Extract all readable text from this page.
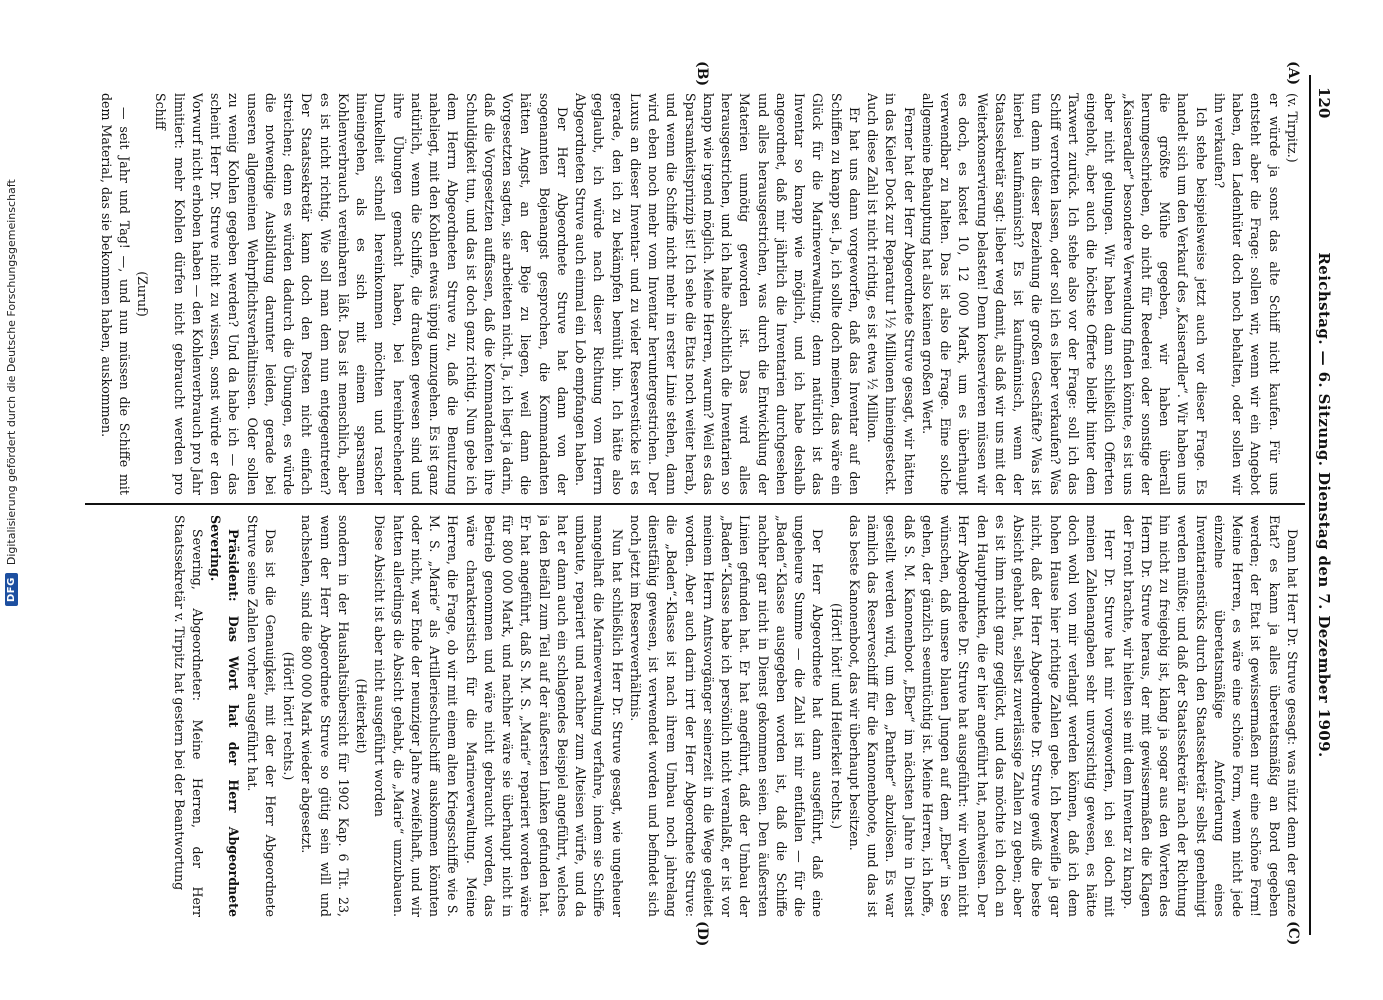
120
Reichstag. — 6. Sitzung. Dienstag den 7. Dezember 1909.
(A)
(B)
(C)
(D)

(v. Tirpitz.)

er würde ja sonst das alte Schiff nicht kaufen. Für uns entsteht aber die Frage: sollen wir, wenn wir ein Angebot haben, den Ladenhüter doch noch behalten, oder sollen wir ihn verkaufen?

Ich stehe beispielsweise jetzt auch vor dieser Frage. Es handelt sich um den Verkauf des „Kaiseradler“. Wir haben uns die größte Mühe gegeben, wir haben überall herumgeschrieben, ob nicht für Reederei oder sonstige der „Kaiseradler“ besondere Verwendung finden könnte, es ist uns aber nicht gelungen. Wir haben dann schließlich Offerten eingeholt, aber auch die höchste Offerte bleibt hinter dem Taxwert zurück. Ich stehe also vor der Frage: soll ich das Schiff verrotten lassen, oder soll ich es lieber verkaufen? Was tun denn in dieser Beziehung die großen Geschäfte? Was ist hierbei kaufmännisch? Es ist kaufmännisch, wenn der Staatssekretär sagt: lieber weg damit, als daß wir uns mit der Weiterkonservierung belasten! Denn konservieren müssen wir es doch, es kostet 10, 12 000 Mark, um es überhaupt verwendbar zu halten. Das ist also die Frage. Eine solche allgemeine Behauptung hat also keinen großen Wert.

Ferner hat der Herr Abgeordnete Struve gesagt, wir hätten in das Kieler Dock zur Reparatur 1½ Millionen hineingesteckt. Auch diese Zahl ist nicht richtig, es ist etwa ½ Million.

Er hat uns dann vorgeworfen, daß das Inventar auf den Schiffen zu knapp sei. Ja, ich sollte doch meinen, das wäre ein Glück für die Marineverwaltung; denn natürlich ist das Inventar so knapp wie möglich, und ich habe deshalb angeordnet, daß mir jährlich die Inventarien durchgesehen und alles herausgestrichen, was durch die Entwicklung der Materien unnötig geworden ist. Das wird alles herausgestrichen, und ich halte absichtlich die Inventarien so knapp wie irgend möglich. Meine Herren, warum? Weil es das Sparsamkeitsprinzip ist! Ich sehe die Etats noch weiter herab, und wenn die Schiffe nicht mehr in erster Linie stehen, dann wird eben noch mehr vom Inventar heruntergestrichen. Der Luxus an dieser Inventar- und zu vieler Reservestücke ist es gerade, den ich zu bekämpfen bemüht bin. Ich hätte also geglaubt, ich würde nach dieser Richtung vom Herrn Abgeordneten Struve auch einmal ein Lob empfangen haben.

Der Herr Abgeordnete Struve hat dann von der sogenannten Bojenangst gesprochen, die Kommandanten hätten Angst, an der Boje zu liegen, weil dann die Vorgesetzten sagten, sie arbeiteten nicht. Ja, ich liegt ja darin, daß die Vorgesetzten auffassen, daß die Kommandanten ihre Schuldigkeit tun, und das ist doch ganz richtig. Nun gebe ich dem Herrn Abgeordneten Struve zu, daß die Benutzung naheliegt, mit den Kohlen etwas üppig umzugehen. Es ist ganz natürlich, wenn die Schiffe, die draußen gewesen sind und ihre Übungen gemacht haben, bei hereinbrechender Dunkelheit schnell hereinkommen möchten und rascher hineingehen, als es sich mit einem sparsamen Kohlenverbrauch vereinbaren läßt. Das ist menschlich, aber es ist nicht richtig. Wie soll man dem nun entgegentreten? Der Staatssekretär kann doch den Posten nicht einfach streichen; denn es würden dadurch die Übungen, es würde die notwendige Ausbildung darunter leiden, gerade bei unseren allgemeinen Wehrpflichtsverhältnissen. Oder sollen zu wenig Kohlen gegeben werden? Und da habe ich — das scheint Herr Dr. Struve nicht zu wissen, sonst würde er den Vorwurf nicht erhoben haben — den Kohlenverbrauch pro Jahr limitiert: mehr Kohlen dürfen nicht gebraucht werden pro Schiff

(Zuruf)

— seit Jahr und Tag! —, und nun müssen die Schiffe mit dem Material, das sie bekommen haben, auskommen.

Dann hat Herr Dr. Struve gesagt: was nützt denn der ganze Etat? es kann ja alles überetatsmäßig an Bord gegeben werden; der Etat ist gewissermaßen nur eine schöne Form! Meine Herren, es wäre eine schöne Form, wenn nicht jede einzelne überetatsmäßige Anforderung eines Inventarienstücks durch den Staatssekretär selbst genehmigt werden müßte; und daß der Staatssekretär nach der Richtung hin nicht zu freigebig ist, klang ja sogar aus den Worten des Herrn Dr. Struve heraus, der mit gewissermaßen die Klagen der Front brachte, wir hielten sie mit dem Inventar zu knapp.

Herr Dr. Struve hat mir vorgeworfen, ich sei doch mit meinen Zahlenangaben sehr unvorsichtig gewesen, es hätte doch wohl von mir verlangt werden können, daß ich dem hohen Hause hier richtige Zahlen gebe. Ich bezweifle ja gar nicht, daß der Herr Abgeordnete Dr. Struve gewiß die beste Absicht gehabt hat, selbst zuverlässige Zahlen zu geben; aber es ist ihm nicht ganz geglückt, und das möchte ich doch an den Hauptpunkten, die er hier angeführt hat, nachweisen. Der Herr Abgeordnete Dr. Struve hat ausgeführt: wir wollen nicht wünschen, daß unsere blauen Jungen auf dem „Eber“ in See gehen, der gänzlich seeuntüchtig ist. Meine Herren, ich hoffe, daß S. M. Kanonenboot „Eber“ im nächsten Jahre in Dienst gestellt werden wird, um den „Panther“ abzulösen. Es war nämlich das Reserveschiff für die Kanonenboote, und das ist das beste Kanonenboot, das wir überhaupt besitzen.

(Hört! hört! und Heiterkeit rechts.)

Der Herr Abgeordnete hat dann ausgeführt, daß eine ungeheure Summe — die Zahl ist mir entfallen — für die „Baden“-Klasse ausgegeben worden ist, daß die Schiffe nachher gar nicht in Dienst gekommen seien. Den äußersten Linien gefunden hat. Er hat angeführt, daß der Umbau der „Baden“-Klasse habe ich persönlich nicht veranlaßt, er ist vor meinem Herrn Amtsvorgänger seinerzeit in die Wege geleitet worden. Aber auch darin irrt der Herr Abgeordnete Struve: die „Baden“-Klasse ist nach ihrem Umbau noch jahrelang dienstfähig gewesen, ist verwendet worden und befindet sich noch jetzt im Reserveverhältnis.

Nun hat schließlich Herr Dr. Struve gesagt, wie ungeheuer mangelhaft die Marineverwaltung verfahre, indem sie Schiffe umbaute, repariert und nachher zum Alteisen würfe, und da hat er dann auch ein schlagendes Beispiel angeführt, welches ja den Beifall zum Teil auf der äußersten Linken gefunden hat. Er hat angeführt, daß S. M. S. „Marie“ repariert worden wäre für 800 000 Mark, und nachher wäre sie überhaupt nicht in Betrieb genommen und wäre nicht gebraucht worden, das wäre charakteristisch für die Marineverwaltung. Meine Herren, die Frage, ob wir mit einem alten Kriegsschiffe wie S. M. S. „Marie“ als Artillerieschulschiff auskommen könnten oder nicht, war Ende der neunziger Jahre zweifelhaft, und wir hatten allerdings die Absicht gehabt, die „Marie“ umzubauen. Diese Absicht ist aber nicht ausgeführt worden

(Heiterkeit)

sondern in der Haushaltsübersicht für 1902 Kap. 6 Tit. 23, wenn der Herr Abgeordnete Struve so gütig sein will und nachsehen, sind die 800 000 Mark wieder abgesetzt.

(Hört! hört! rechts.)

Das ist die Genauigkeit, mit der der Herr Abgeordnete Struve seine Zahlen vorher ausgeführt hat.

Präsident: Das Wort hat der Herr Abgeordnete Severing.

Severing, Abgeordneter: Meine Herren, der Herr Staatssekretär v. Tirpitz hat gestern bei der Beantwortung

DFG
Digitalisierung gefördert durch die Deutsche Forschungsgemeinschaft
